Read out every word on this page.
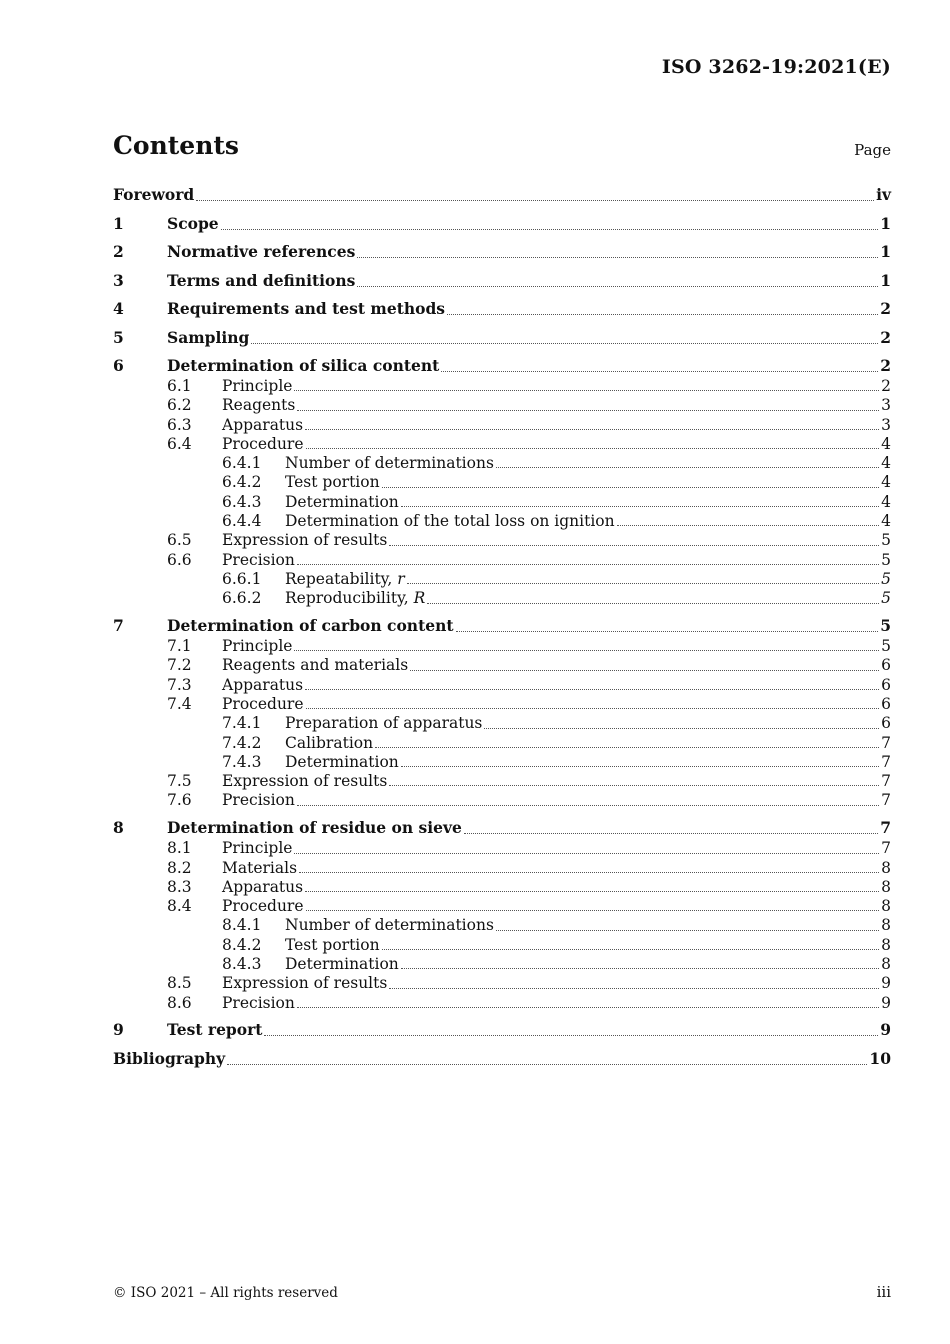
ISO 3262-19:2021(E)
Contents	Page
Foreword	iv
1	Scope	1
2	Normative references	1
3	Terms and definitions	1
4	Requirements and test methods	2
5	Sampling	2
6	Determination of silica content	2
6.1	Principle	2
6.2	Reagents	3
6.3	Apparatus	3
6.4	Procedure	4
6.4.1	Number of determinations	4
6.4.2	Test portion	4
6.4.3	Determination	4
6.4.4	Determination of the total loss on ignition	4
6.5	Expression of results	5
6.6	Precision	5
6.6.1	Repeatability, r	5
6.6.2	Reproducibility, R	5
7	Determination of carbon content	5
7.1	Principle	5
7.2	Reagents and materials	6
7.3	Apparatus	6
7.4	Procedure	6
7.4.1	Preparation of apparatus	6
7.4.2	Calibration	7
7.4.3	Determination	7
7.5	Expression of results	7
7.6	Precision	7
8	Determination of residue on sieve	7
8.1	Principle	7
8.2	Materials	8
8.3	Apparatus	8
8.4	Procedure	8
8.4.1	Number of determinations	8
8.4.2	Test portion	8
8.4.3	Determination	8
8.5	Expression of results	9
8.6	Precision	9
9	Test report	9
Bibliography	10
© ISO 2021 – All rights reserved	iii
